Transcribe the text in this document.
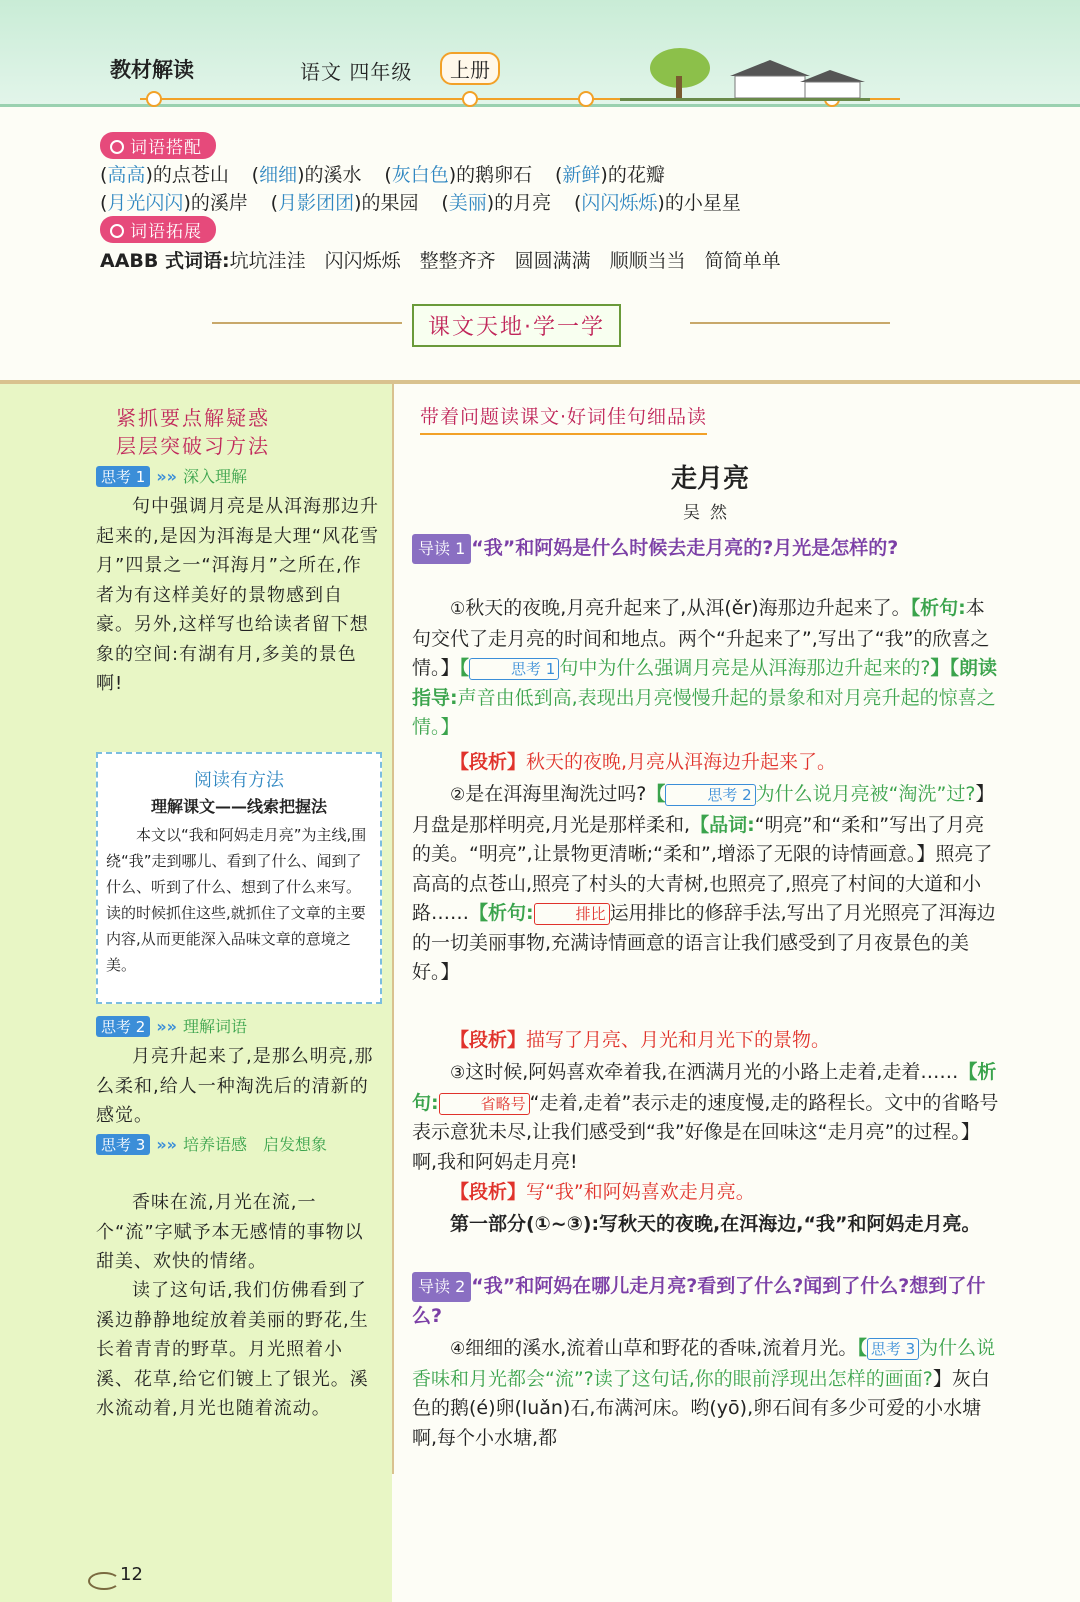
教材解读	语文 四年级	上册
词语搭配
(高高)的点苍山 (细细)的溪水 (灰白色)的鹅卵石 (新鲜)的花瓣
(月光闪闪)的溪岸 (月影团团)的果园 (美丽)的月亮 (闪闪烁烁)的小星星
词语拓展
AABB 式词语:坑坑洼洼　闪闪烁烁　整整齐齐　圆圆满满　顺顺当当　简简单单
课文天地·学一学
紧抓要点解疑惑
层层突破习方法
思考 1 »» 深入理解

句中强调月亮是从洱海那边升起来的,是因为洱海是大理“风花雪月”四景之一“洱海月”之所在,作者为有这样美好的景物感到自豪。另外,这样写也给读者留下想象的空间:有湖有月,多美的景色啊!

阅读有方法
理解课文——线索把握法

本文以“我和阿妈走月亮”为主线,围绕“我”走到哪儿、看到了什么、闻到了什么、听到了什么、想到了什么来写。读的时候抓住这些,就抓住了文章的主要内容,从而更能深入品味文章的意境之美。

思考 2 »» 理解词语

月亮升起来了,是那么明亮,那么柔和,给人一种淘洗后的清新的感觉。

思考 3 »» 培养语感　启发想象

香味在流,月光在流,一个“流”字赋予本无感情的事物以甜美、欢快的情绪。

读了这句话,我们仿佛看到了溪边静静地绽放着美丽的野花,生长着青青的野草。月光照着小溪、花草,给它们镀上了银光。溪水流动着,月光也随着流动。

带着问题读课文·好词佳句细品读
走月亮
吴然

导读 1 “我”和阿妈是什么时候去走月亮的?月光是怎样的?

①秋天的夜晚,月亮升起来了,从洱(ěr)海那边升起来了。【析句:本句交代了走月亮的时间和地点。两个“升起来了”,写出了“我”的欣喜之情。】【	思考 1 句中为什么强调月亮是从洱海那边升起来的?】【朗读指导:声音由低到高,表现出月亮慢慢升起的景象和对月亮升起的惊喜之情。】

【段析】秋天的夜晚,月亮从洱海边升起来了。

②是在洱海里淘洗过吗?【	思考 2 为什么说月亮被“淘洗”过?】月盘是那样明亮,月光是那样柔和,【品词:“明亮”和“柔和”写出了月亮的美。“明亮”,让景物更清晰;“柔和”,增添了无限的诗情画意。】照亮了高高的点苍山,照亮了村头的大青树,也照亮了,照亮了村间的大道和小路……【析句:	排比 运用排比的修辞手法,写出了月光照亮了洱海边的一切美丽事物,充满诗情画意的语言让我们感受到了月夜景色的美好。】

【段析】描写了月亮、月光和月光下的景物。

③这时候,阿妈喜欢牵着我,在洒满月光的小路上走着,走着……【析句:	省略号 “走着,走着”表示走的速度慢,走的路程长。文中的省略号表示意犹未尽,让我们感受到“我”好像是在回味这“走月亮”的过程。】啊,我和阿妈走月亮!

【段析】写“我”和阿妈喜欢走月亮。

第一部分(①~③):写秋天的夜晚,在洱海边,“我”和阿妈走月亮。

导读 2 “我”和阿妈在哪儿走月亮?看到了什么?闻到了什么?想到了什么?

④细细的溪水,流着山草和野花的香味,流着月光。【 思考 3 为什么说香味和月光都会“流”?读了这句话,你的眼前浮现出怎样的画面?】灰白色的鹅(é)卵(luǎn)石,布满河床。哟(yō),卵石间有多少可爱的小水塘啊,每个小水塘,都

12
